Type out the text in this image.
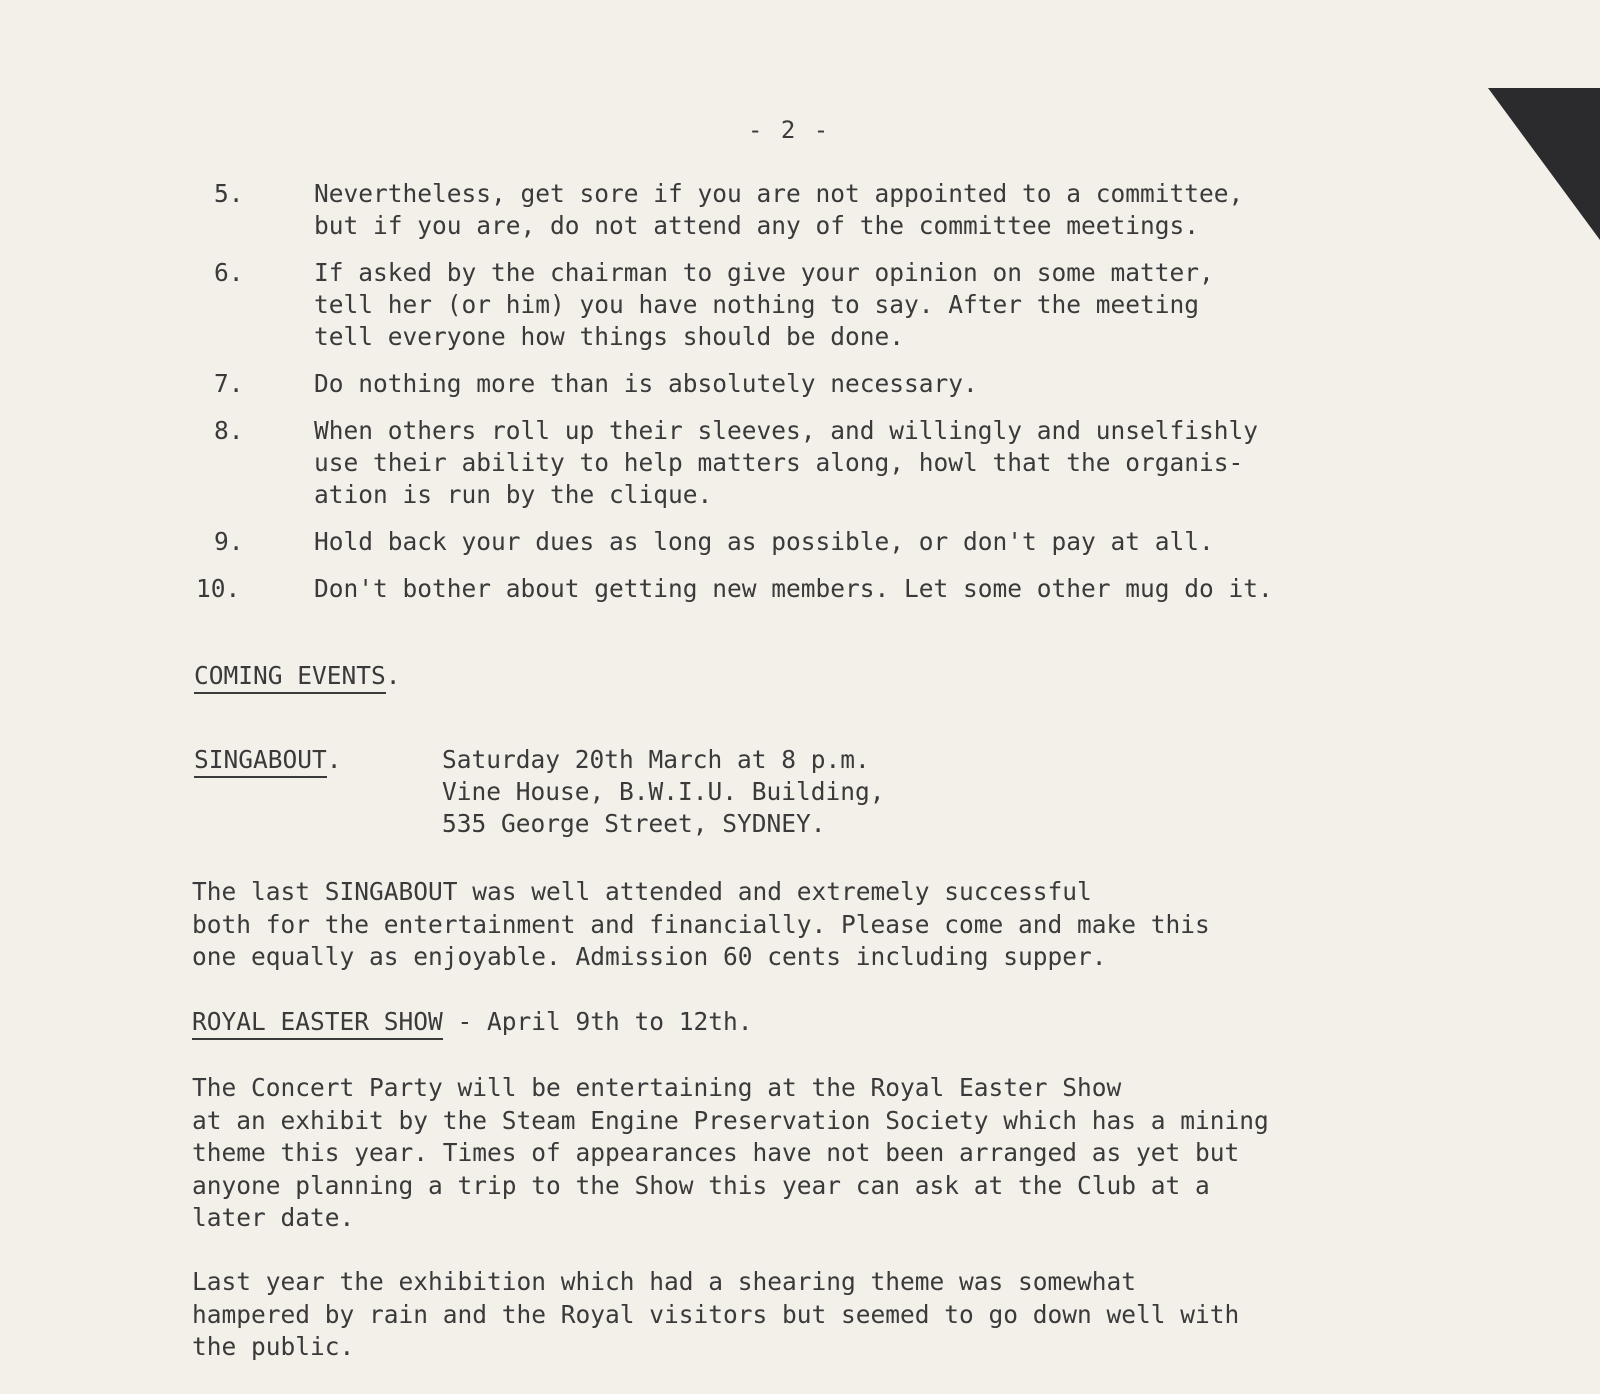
- 2 -
5.	Nevertheless, get sore if you are not appointed to a committee,
but if you are, do not attend any of the committee meetings.
6.	If asked by the chairman to give your opinion on some matter,
tell her (or him) you have nothing to say. After the meeting
tell everyone how things should be done.
7.	Do nothing more than is absolutely necessary.
8.	When others roll up their sleeves, and willingly and unselfishly
use their ability to help matters along, howl that the organis-
ation is run by the clique.
9.	Hold back your dues as long as possible, or don't pay at all.
10.	Don't bother about getting new members. Let some other mug do it.
COMING EVENTS.
SINGABOUT.	Saturday 20th March at 8 p.m.
Vine House, B.W.I.U. Building,
535 George Street, SYDNEY.
The last SINGABOUT was well attended and extremely successful
both for the entertainment and financially. Please come and make this
one equally as enjoyable. Admission 60 cents including supper.
ROYAL EASTER SHOW - April 9th to 12th.
The Concert Party will be entertaining at the Royal Easter Show
at an exhibit by the Steam Engine Preservation Society which has a mining
theme this year. Times of appearances have not been arranged as yet but
anyone planning a trip to the Show this year can ask at the Club at a
later date.
Last year the exhibition which had a shearing theme was somewhat
hampered by rain and the Royal visitors but seemed to go down well with
the public.
